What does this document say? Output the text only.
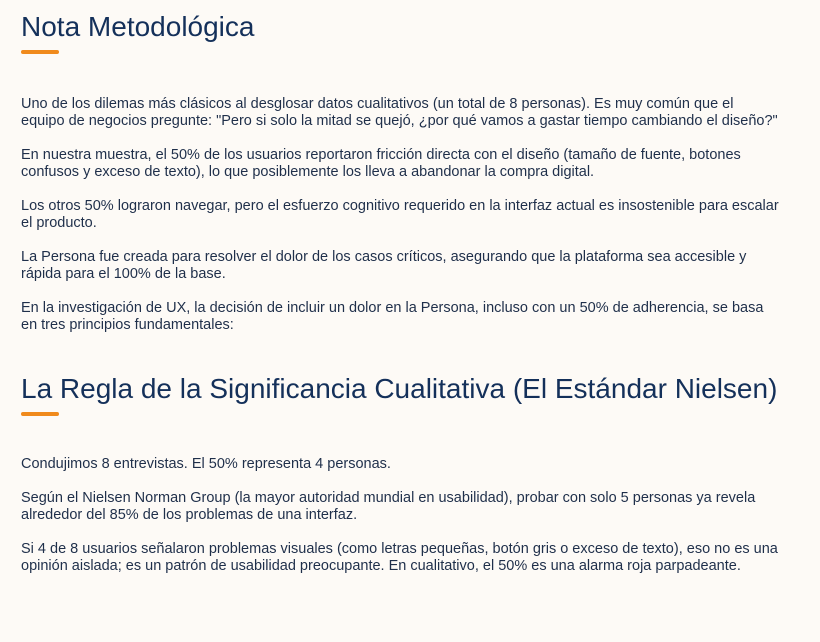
Nota Metodológica

Uno de los dilemas más clásicos al desglosar datos cualitativos (un total de 8 personas). Es muy común que el equipo de negocios pregunte: "Pero si solo la mitad se quejó, ¿por qué vamos a gastar tiempo cambiando el diseño?"

En nuestra muestra, el 50% de los usuarios reportaron fricción directa con el diseño (tamaño de fuente, botones confusos y exceso de texto), lo que posiblemente los lleva a abandonar la compra digital.

Los otros 50% lograron navegar, pero el esfuerzo cognitivo requerido en la interfaz actual es insostenible para escalar el producto.

La Persona fue creada para resolver el dolor de los casos críticos, asegurando que la plataforma sea accesible y rápida para el 100% de la base.

En la investigación de UX, la decisión de incluir un dolor en la Persona, incluso con un 50% de adherencia, se basa en tres principios fundamentales:

La Regla de la Significancia Cualitativa (El Estándar Nielsen)

Condujimos 8 entrevistas. El 50% representa 4 personas.

Según el Nielsen Norman Group (la mayor autoridad mundial en usabilidad), probar con solo 5 personas ya revela alrededor del 85% de los problemas de una interfaz.

Si 4 de 8 usuarios señalaron problemas visuales (como letras pequeñas, botón gris o exceso de texto), eso no es una opinión aislada; es un patrón de usabilidad preocupante. En cualitativo, el 50% es una alarma roja parpadeante.
